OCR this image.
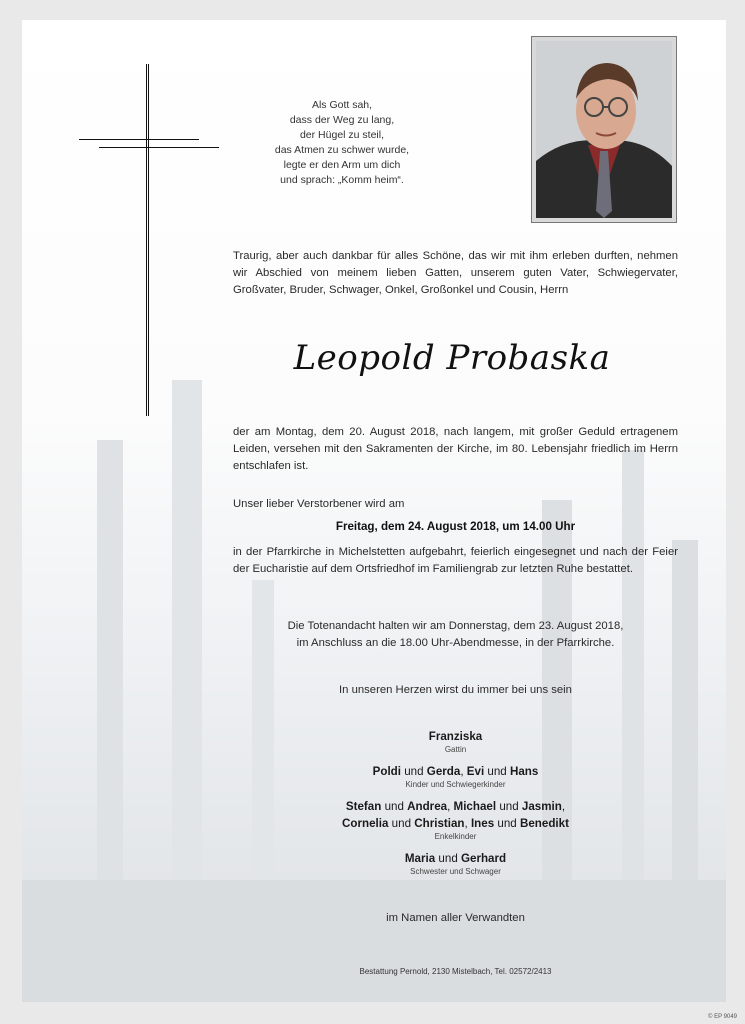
Als Gott sah,
dass der Weg zu lang,
der Hügel zu steil,
das Atmen zu schwer wurde,
legte er den Arm um dich
und sprach: „Komm heim“.
Traurig, aber auch dankbar für alles Schöne, das wir mit ihm erleben durften, nehmen wir Abschied von meinem lieben Gatten, unserem guten Vater, Schwiegervater, Großvater, Bruder, Schwager, Onkel, Großonkel und Cousin, Herrn
Leopold Probaska
der am Montag, dem 20. August 2018, nach langem, mit großer Geduld ertragenem Leiden, versehen mit den Sakramenten der Kirche, im 80. Lebensjahr friedlich im Herrn entschlafen ist.
Unser lieber Verstorbener wird am
Freitag, dem 24. August 2018, um 14.00 Uhr
in der Pfarrkirche in Michelstetten aufgebahrt, feierlich eingesegnet und nach der Feier der Eucharistie auf dem Ortsfriedhof im Familiengrab zur letzten Ruhe bestattet.
Die Totenandacht halten wir am Donnerstag, dem 23. August 2018,
im Anschluss an die 18.00 Uhr-Abendmesse, in der Pfarrkirche.
In unseren Herzen wirst du immer bei uns sein
Franziska
Gattin
Poldi und Gerda, Evi und Hans
Kinder und Schwiegerkinder
Stefan und Andrea, Michael und Jasmin,
Cornelia und Christian, Ines und Benedikt
Enkelkinder
Maria und Gerhard
Schwester und Schwager
im Namen aller Verwandten
Bestattung Pernold, 2130 Mistelbach, Tel. 02572/2413
© EP 9049
